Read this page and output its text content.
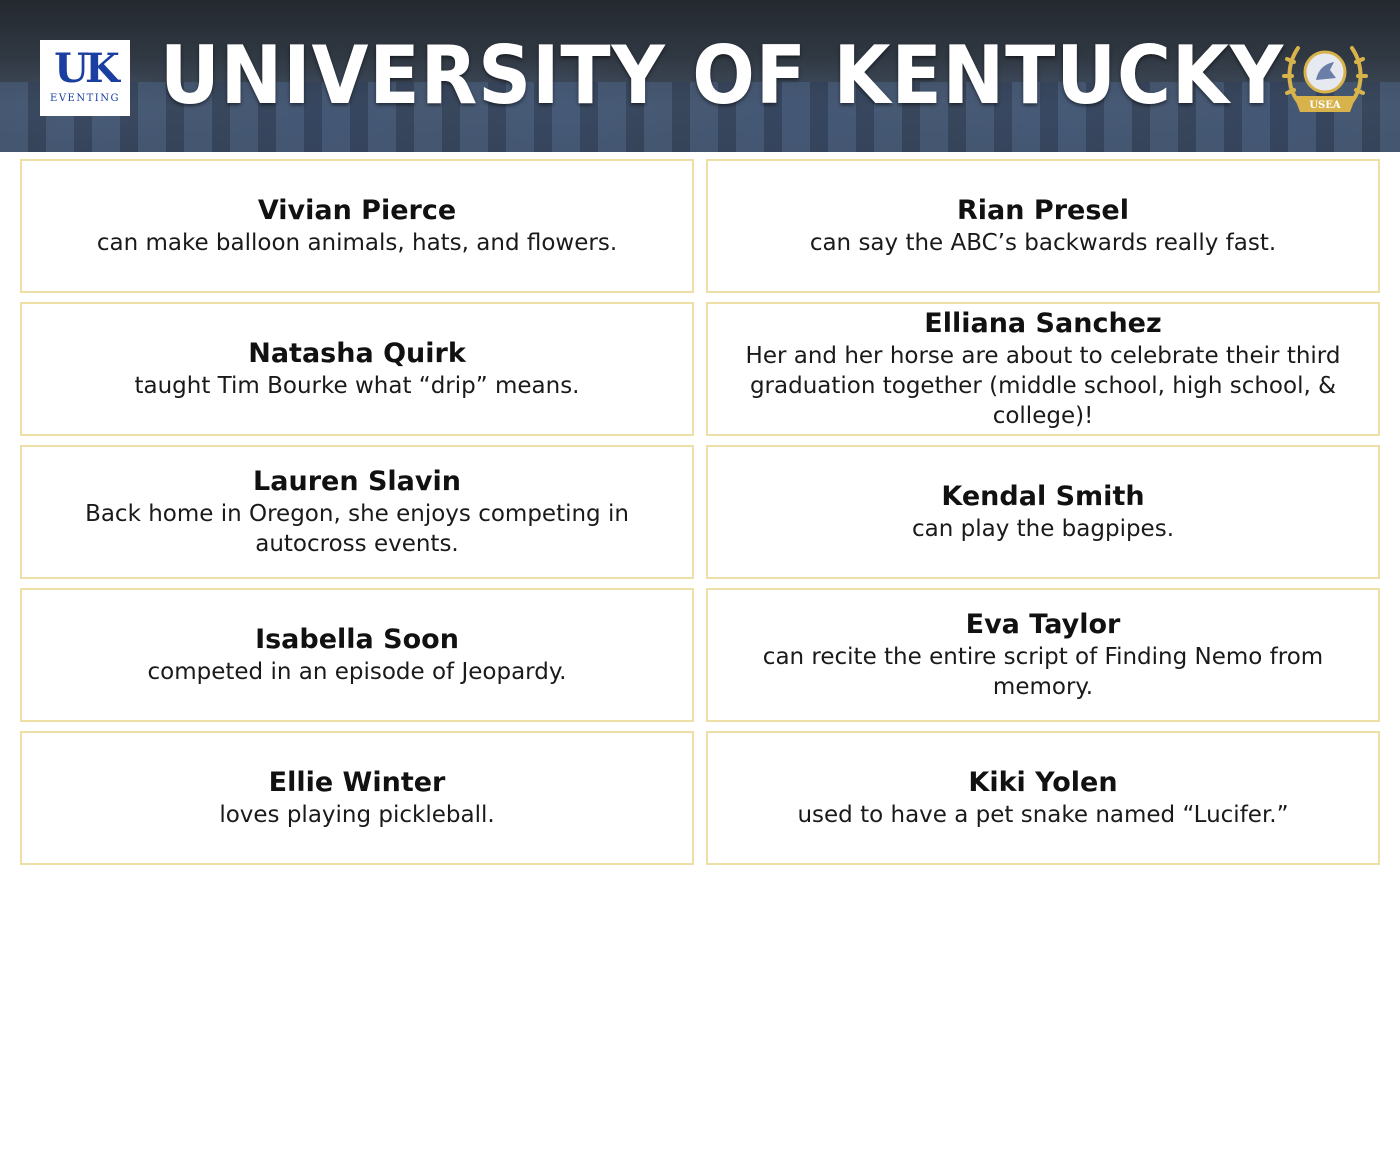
UK
EVENTING UNIVERSITY OF KENTUCKY	USEA
Vivian Pierce
can make balloon animals, hats, and flowers.
Rian Presel
can say the ABC’s backwards really fast.
Natasha Quirk
taught Tim Bourke what “drip” means.
Elliana Sanchez
Her and her horse are about to celebrate their third graduation together (middle school, high school, & college)!
Lauren Slavin
Back home in Oregon, she enjoys competing in autocross events.
Kendal Smith
can play the bagpipes.
Isabella Soon
competed in an episode of Jeopardy.
Eva Taylor
can recite the entire script of Finding Nemo from memory.
Ellie Winter
loves playing pickleball.
Kiki Yolen
used to have a pet snake named “Lucifer.”
